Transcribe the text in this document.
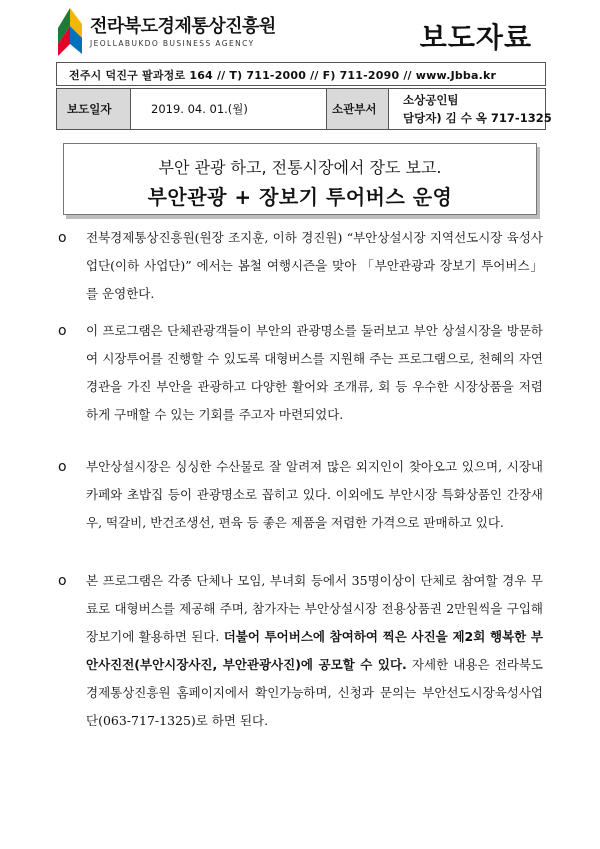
전라북도경제통상진흥원
JEOLLABUKDO BUSINESS AGENCY	보도자료
전주시 덕진구 팔과정로 164 // T) 711-2000 // F) 711-2090 // www.Jbba.kr
보도일자	2019. 04. 01.(월)	소관부서
소상공인팀
담당자) 김 수 옥 717-1325
부안 관광 하고, 전통시장에서 장도 보고.
부안관광 + 장보기 투어버스 운영
o 전북경제통상진흥원(원장 조지훈, 이하 경진원) “부안상설시장 지역선도시장 육성사업단(이하 사업단)” 에서는 봄철 여행시즌을 맞아 「부안관광과 장보기 투어버스」를 운영한다.
o 이 프로그램은 단체관광객들이 부안의 관광명소를 둘러보고 부안 상설시장을 방문하여 시장투어를 진행할 수 있도록 대형버스를 지원해 주는 프로그램으로, 천혜의 자연경관을 가진 부안을 관광하고 다양한 활어와 조개류, 회 등 우수한 시장상품을 저렴하게 구매할 수 있는 기회를 주고자 마련되었다.
o 부안상설시장은 싱싱한 수산물로 잘 알려져 많은 외지인이 찾아오고 있으며, 시장내 카페와 초밥집 등이 관광명소로 꼽히고 있다. 이외에도 부안시장 특화상품인 간장새우, 떡갈비, 반건조생선, 편육 등 좋은 제품을 저렴한 가격으로 판매하고 있다.
o 본 프로그램은 각종 단체나 모임, 부녀회 등에서 35명이상이 단체로 참여할 경우 무료로 대형버스를 제공해 주며, 참가자는 부안상설시장 전용상품권 2만원씩을 구입해 장보기에 활용하면 된다. 더불어 투어버스에 참여하여 찍은 사진을 제2회 행복한 부안사진전(부안시장사진, 부안관광사진)에 공모할 수 있다. 자세한 내용은 전라북도경제통상진흥원 홈페이지에서 확인가능하며, 신청과 문의는 부안선도시장육성사업단(063-717-1325)로 하면 된다.
